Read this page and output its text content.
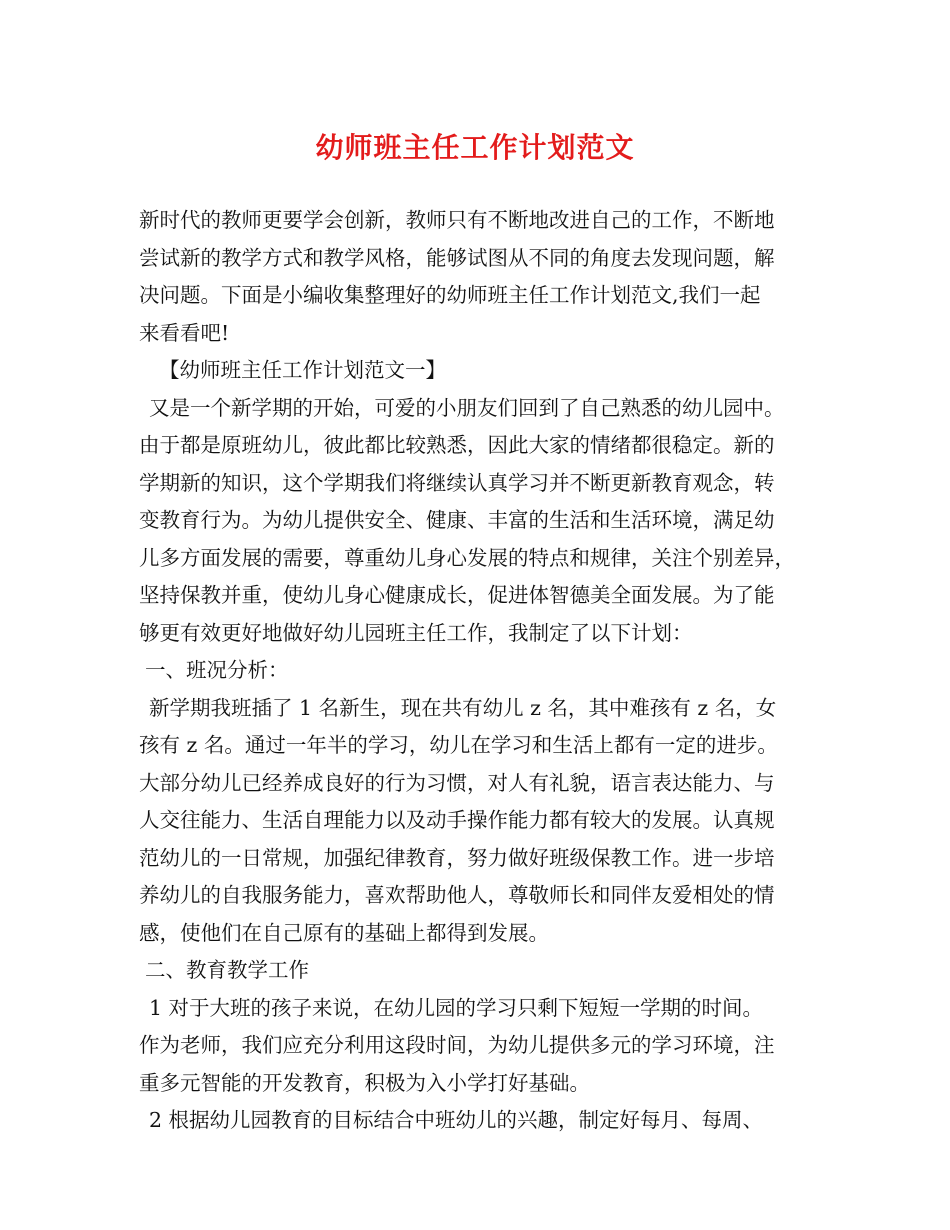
幼师班主任工作计划范文
新时代的教师更要学会创新，教师只有不断地改进自己的工作，不断地
尝试新的教学方式和教学风格，能够试图从不同的角度去发现问题，解
决问题。下面是小编收集整理好的幼师班主任工作计划范文,我们一起
来看看吧!
【幼师班主任工作计划范文一】
又是一个新学期的开始，可爱的小朋友们回到了自己熟悉的幼儿园中。
由于都是原班幼儿，彼此都比较熟悉，因此大家的情绪都很稳定。新的
学期新的知识，这个学期我们将继续认真学习并不断更新教育观念，转
变教育行为。为幼儿提供安全、健康、丰富的生活和生活环境，满足幼
儿多方面发展的需要，尊重幼儿身心发展的特点和规律，关注个别差异，
坚持保教并重，使幼儿身心健康成长，促进体智德美全面发展。为了能
够更有效更好地做好幼儿园班主任工作，我制定了以下计划：
一、班况分析：
新学期我班插了 1 名新生，现在共有幼儿 z 名，其中难孩有 z 名，女
孩有 z 名。通过一年半的学习，幼儿在学习和生活上都有一定的进步。
大部分幼儿已经养成良好的行为习惯，对人有礼貌，语言表达能力、与
人交往能力、生活自理能力以及动手操作能力都有较大的发展。认真规
范幼儿的一日常规，加强纪律教育，努力做好班级保教工作。进一步培
养幼儿的自我服务能力，喜欢帮助他人，尊敬师长和同伴友爱相处的情
感，使他们在自己原有的基础上都得到发展。
二、教育教学工作
1 对于大班的孩子来说，在幼儿园的学习只剩下短短一学期的时间。
作为老师，我们应充分利用这段时间，为幼儿提供多元的学习环境，注
重多元智能的开发教育，积极为入小学打好基础。
2 根据幼儿园教育的目标结合中班幼儿的兴趣，制定好每月、每周、
